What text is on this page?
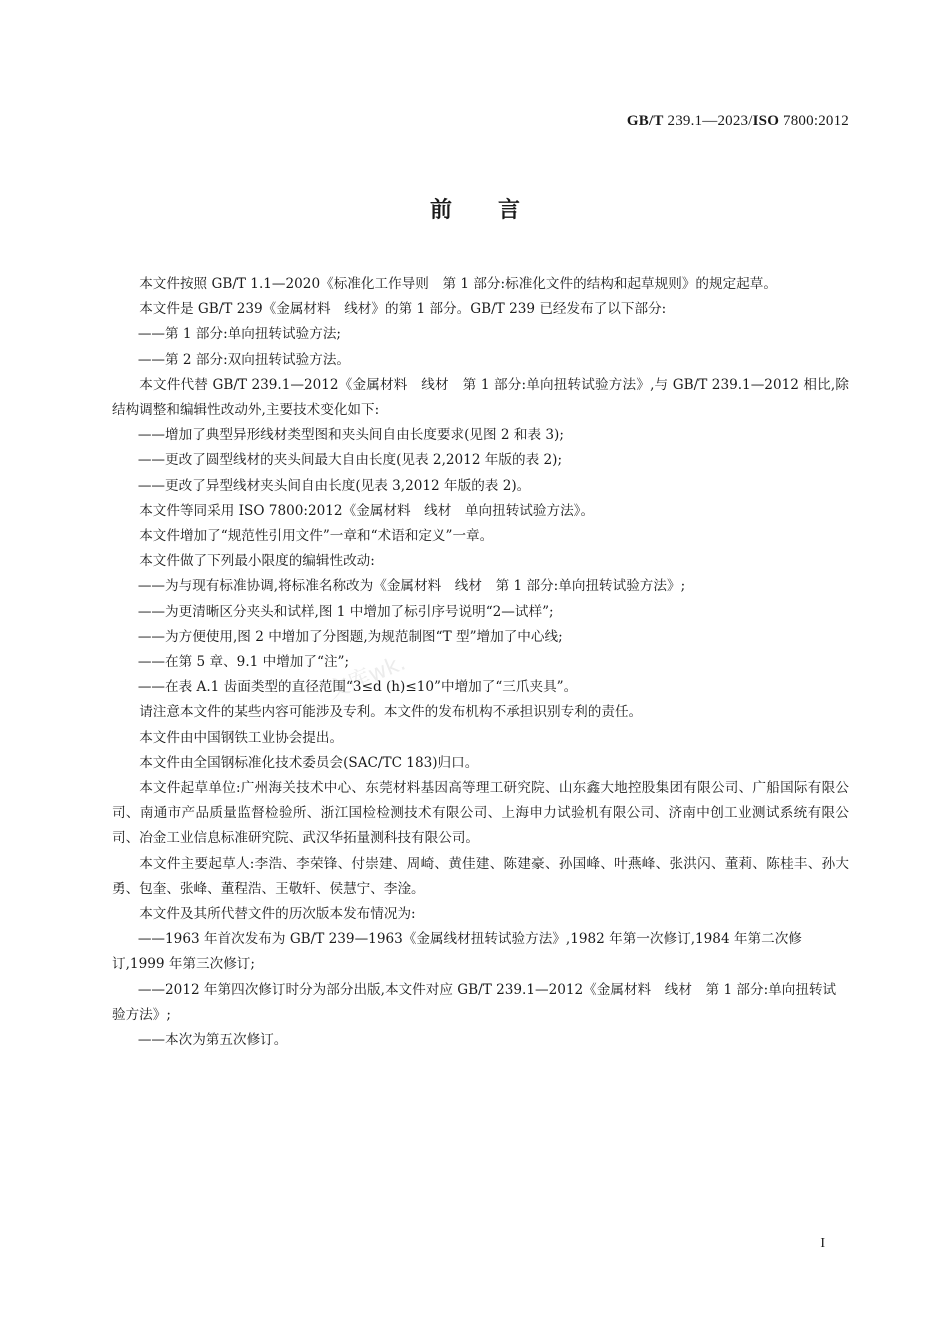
GB/T 239.1—2023/ISO 7800:2012
前言
文库wk.

本文件按照 GB/T 1.1—2020《标准化工作导则　第 1 部分:标准化文件的结构和起草规则》的规定起草。

本文件是 GB/T 239《金属材料　线材》的第 1 部分。GB/T 239 已经发布了以下部分:

——第 1 部分:单向扭转试验方法;

——第 2 部分:双向扭转试验方法。

本文件代替 GB/T 239.1—2012《金属材料　线材　第 1 部分:单向扭转试验方法》,与 GB/T 239.1—2012 相比,除结构调整和编辑性改动外,主要技术变化如下:

——增加了典型异形线材类型图和夹头间自由长度要求(见图 2 和表 3);

——更改了圆型线材的夹头间最大自由长度(见表 2,2012 年版的表 2);

——更改了异型线材夹头间自由长度(见表 3,2012 年版的表 2)。

本文件等同采用 ISO 7800:2012《金属材料　线材　单向扭转试验方法》。

本文件增加了“规范性引用文件”一章和“术语和定义”一章。

本文件做了下列最小限度的编辑性改动:

——为与现有标准协调,将标准名称改为《金属材料　线材　第 1 部分:单向扭转试验方法》;

——为更清晰区分夹头和试样,图 1 中增加了标引序号说明“2—试样”;

——为方便使用,图 2 中增加了分图题,为规范制图“T 型”增加了中心线;

——在第 5 章、9.1 中增加了“注”;

——在表 A.1 齿面类型的直径范围“3≤d (h)≤10”中增加了“三爪夹具”。

请注意本文件的某些内容可能涉及专利。本文件的发布机构不承担识别专利的责任。

本文件由中国钢铁工业协会提出。

本文件由全国钢标准化技术委员会(SAC/TC 183)归口。

本文件起草单位:广州海关技术中心、东莞材料基因高等理工研究院、山东鑫大地控股集团有限公司、广船国际有限公司、南通市产品质量监督检验所、浙江国检检测技术有限公司、上海申力试验机有限公司、济南中创工业测试系统有限公司、冶金工业信息标准研究院、武汉华拓量测科技有限公司。

本文件主要起草人:李浩、李荣锋、付崇建、周崎、黄佳建、陈建豪、孙国峰、叶燕峰、张洪闪、董莉、陈桂丰、孙大勇、包奎、张峰、董程浩、王敬轩、侯慧宁、李淦。

本文件及其所代替文件的历次版本发布情况为:

——1963 年首次发布为 GB/T 239—1963《金属线材扭转试验方法》,1982 年第一次修订,1984 年第二次修订,1999 年第三次修订;

——2012 年第四次修订时分为部分出版,本文件对应 GB/T 239.1—2012《金属材料　线材　第 1 部分:单向扭转试验方法》;

——本次为第五次修订。

I
